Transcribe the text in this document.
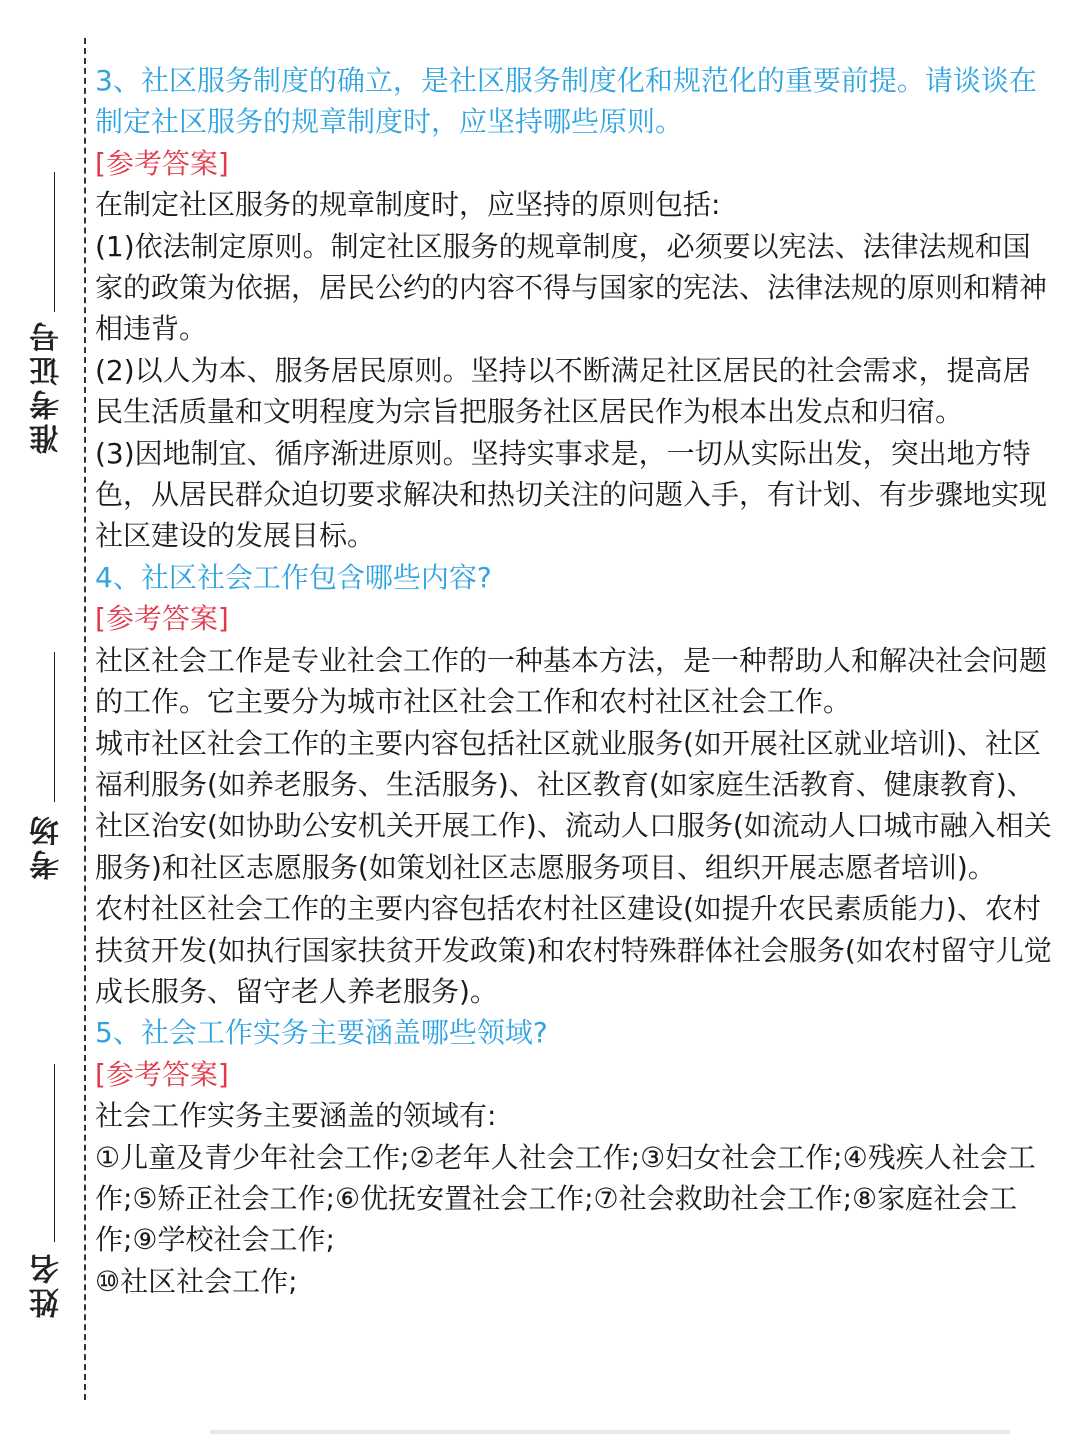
准考证号
考场
姓名

3、社区服务制度的确立，是社区服务制度化和规范化的重要前提。请谈谈在制定社区服务的规章制度时，应坚持哪些原则。

[参考答案]

在制定社区服务的规章制度时，应坚持的原则包括:

(1)依法制定原则。制定社区服务的规章制度，必须要以宪法、法律法规和国家的政策为依据，居民公约的内容不得与国家的宪法、法律法规的原则和精神相违背。

(2)以人为本、服务居民原则。坚持以不断满足社区居民的社会需求，提高居民生活质量和文明程度为宗旨把服务社区居民作为根本出发点和归宿。

(3)因地制宜、循序渐进原则。坚持实事求是，一切从实际出发，突出地方特色，从居民群众迫切要求解决和热切关注的问题入手，有计划、有步骤地实现社区建设的发展目标。

4、社区社会工作包含哪些内容?

[参考答案]

社区社会工作是专业社会工作的一种基本方法，是一种帮助人和解决社会问题的工作。它主要分为城市社区社会工作和农村社区社会工作。

城市社区社会工作的主要内容包括社区就业服务(如开展社区就业培训)、社区福利服务(如养老服务、生活服务)、社区教育(如家庭生活教育、健康教育)、社区治安(如协助公安机关开展工作)、流动人口服务(如流动人口城市融入相关服务)和社区志愿服务(如策划社区志愿服务项目、组织开展志愿者培训)。

农村社区社会工作的主要内容包括农村社区建设(如提升农民素质能力)、农村扶贫开发(如执行国家扶贫开发政策)和农村特殊群体社会服务(如农村留守儿觉成长服务、留守老人养老服务)。

5、社会工作实务主要涵盖哪些领域?

[参考答案]

社会工作实务主要涵盖的领域有:

①儿童及青少年社会工作;②老年人社会工作;③妇女社会工作;④残疾人社会工作;⑤矫正社会工作;⑥优抚安置社会工作;⑦社会救助社会工作;⑧家庭社会工作;⑨学校社会工作;

⑩社区社会工作;
